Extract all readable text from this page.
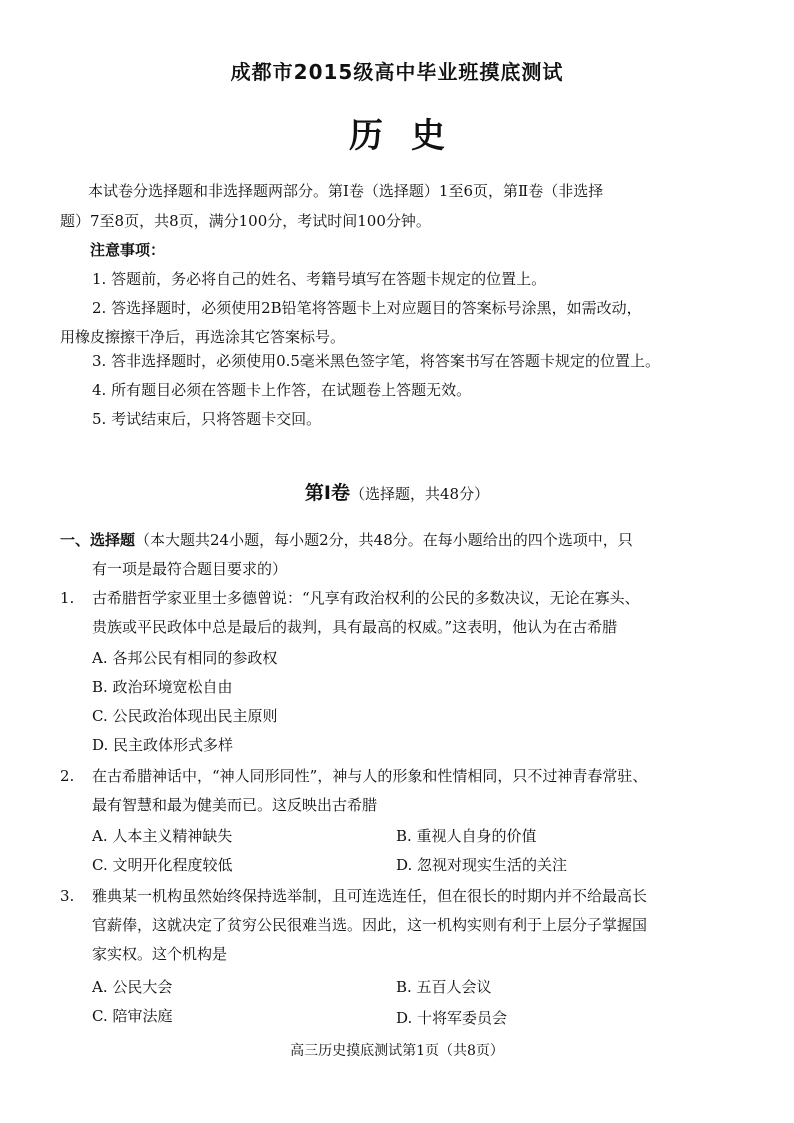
成都市2015级高中毕业班摸底测试
历史
本试卷分选择题和非选择题两部分。第Ⅰ卷（选择题）1至6页，第Ⅱ卷（非选择
题）7至8页，共8页，满分100分，考试时间100分钟。
注意事项：
1. 答题前，务必将自己的姓名、考籍号填写在答题卡规定的位置上。
2. 答选择题时，必须使用2B铅笔将答题卡上对应题目的答案标号涂黑，如需改动，
用橡皮擦擦干净后，再选涂其它答案标号。
3. 答非选择题时，必须使用0.5毫米黑色签字笔，将答案书写在答题卡规定的位置上。
4. 所有题目必须在答题卡上作答，在试题卷上答题无效。
5. 考试结束后，只将答题卡交回。
第Ⅰ卷（选择题，共48分）
一、选择题（本大题共24小题，每小题2分，共48分。在每小题给出的四个选项中，只
有一项是最符合题目要求的）
1. 古希腊哲学家亚里士多德曾说：“凡享有政治权利的公民的多数决议，无论在寡头、
贵族或平民政体中总是最后的裁判，具有最高的权威。”这表明，他认为在古希腊
A. 各邦公民有相同的参政权
B. 政治环境宽松自由
C. 公民政治体现出民主原则
D. 民主政体形式多样
2. 在古希腊神话中，“神人同形同性”，神与人的形象和性情相同，只不过神青春常驻、
最有智慧和最为健美而已。这反映出古希腊
A. 人本主义精神缺失	B. 重视人自身的价值
C. 文明开化程度较低	D. 忽视对现实生活的关注
3. 雅典某一机构虽然始终保持选举制，且可连选连任，但在很长的时期内并不给最高长
官薪俸，这就决定了贫穷公民很难当选。因此，这一机构实则有利于上层分子掌握国
家实权。这个机构是
A. 公民大会	B. 五百人会议
C. 陪审法庭	D. 十将军委员会
高三历史摸底测试第1页（共8页）
